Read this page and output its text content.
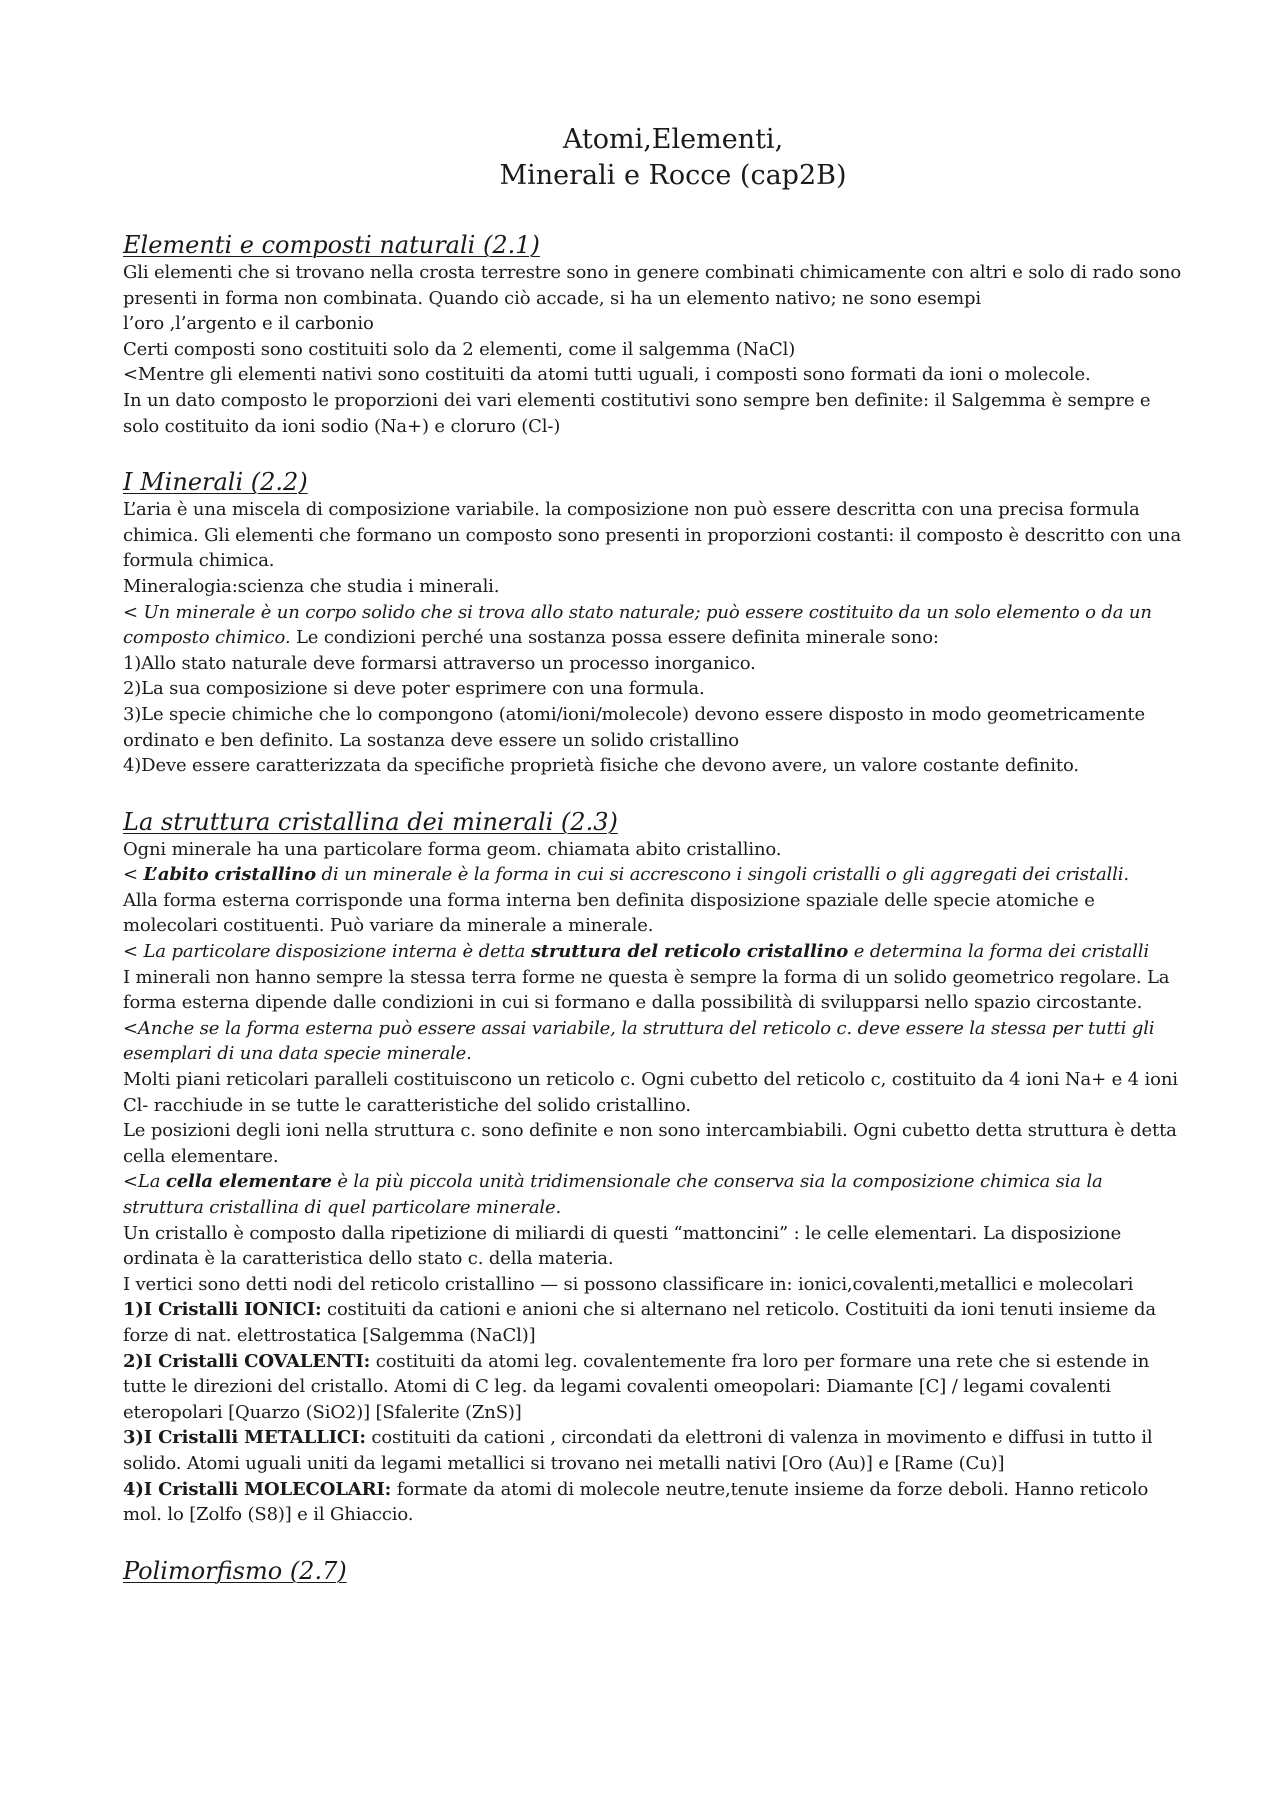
Atomi,Elementi,
Minerali e Rocce (cap2B)
Elementi e composti naturali (2.1)

Gli elementi che si trovano nella crosta terrestre sono in genere combinati chimicamente con altri e solo di rado sono presenti in forma non combinata. Quando ciò accade, si ha un elemento nativo; ne sono esempi

l’oro ,l’argento e il carbonio

Certi composti sono costituiti solo da 2 elementi, come il salgemma (NaCl)

<Mentre gli elementi nativi sono costituiti da atomi tutti uguali, i composti sono formati da ioni o molecole.

In un dato composto le proporzioni dei vari elementi costitutivi sono sempre ben definite: il Salgemma è sempre e solo costituito da ioni sodio (Na+) e cloruro (Cl-)

I Minerali (2.2)

L’aria è una miscela di composizione variabile. la composizione non può essere descritta con una precisa formula chimica. Gli elementi che formano un composto sono presenti in proporzioni costanti: il composto è descritto con una formula chimica.

Mineralogia:scienza che studia i minerali.

< Un minerale è un corpo solido che si trova allo stato naturale; può essere costituito da un solo elemento o da un composto chimico. Le condizioni perché una sostanza possa essere definita minerale sono:

1)Allo stato naturale deve formarsi attraverso un processo inorganico.

2)La sua composizione si deve poter esprimere con una formula.

3)Le specie chimiche che lo compongono (atomi/ioni/molecole) devono essere disposto in modo geometricamente ordinato e ben definito. La sostanza deve essere un solido cristallino

4)Deve essere caratterizzata da specifiche proprietà fisiche che devono avere, un valore costante definito.

La struttura cristallina dei minerali (2.3)

Ogni minerale ha una particolare forma geom. chiamata abito cristallino.

< L’abito cristallino di un minerale è la forma in cui si accrescono i singoli cristalli o gli aggregati dei cristalli.

Alla forma esterna corrisponde una forma interna ben definita disposizione spaziale delle specie atomiche e molecolari costituenti. Può variare da minerale a minerale.

< La particolare disposizione interna è detta struttura del reticolo cristallino e determina la forma dei cristalli

I minerali non hanno sempre la stessa terra forme ne questa è sempre la forma di un solido geometrico regolare. La forma esterna dipende dalle condizioni in cui si formano e dalla possibilità di svilupparsi nello spazio circostante.

<Anche se la forma esterna può essere assai variabile, la struttura del reticolo c. deve essere la stessa per tutti gli esemplari di una data specie minerale.

Molti piani reticolari paralleli costituiscono un reticolo c. Ogni cubetto del reticolo c, costituito da 4 ioni Na+ e 4 ioni Cl- racchiude in se tutte le caratteristiche del solido cristallino.

Le posizioni degli ioni nella struttura c. sono definite e non sono intercambiabili. Ogni cubetto detta struttura è detta cella elementare.

<La cella elementare è la più piccola unità tridimensionale che conserva sia la composizione chimica sia la struttura cristallina di quel particolare minerale.

Un cristallo è composto dalla ripetizione di miliardi di questi “mattoncini” : le celle elementari. La disposizione ordinata è la caratteristica dello stato c. della materia.

I vertici sono detti nodi del reticolo cristallino — si possono classificare in: ionici,covalenti,metallici e molecolari

1)I Cristalli IONICI: costituiti da cationi e anioni che si alternano nel reticolo. Costituiti da ioni tenuti insieme da forze di nat. elettrostatica [Salgemma (NaCl)]

2)I Cristalli COVALENTI: costituiti da atomi leg. covalentemente fra loro per formare una rete che si estende in tutte le direzioni del cristallo. Atomi di C leg. da legami covalenti omeopolari: Diamante [C] / legami covalenti eteropolari [Quarzo (SiO2)] [Sfalerite (ZnS)]

3)I Cristalli METALLICI: costituiti da cationi , circondati da elettroni di valenza in movimento e diffusi in tutto il solido. Atomi uguali uniti da legami metallici si trovano nei metalli nativi [Oro (Au)] e [Rame (Cu)]

4)I Cristalli MOLECOLARI: formate da atomi di molecole neutre,tenute insieme da forze deboli. Hanno reticolo mol. lo [Zolfo (S8)] e il Ghiaccio.

Polimorfismo (2.7)
